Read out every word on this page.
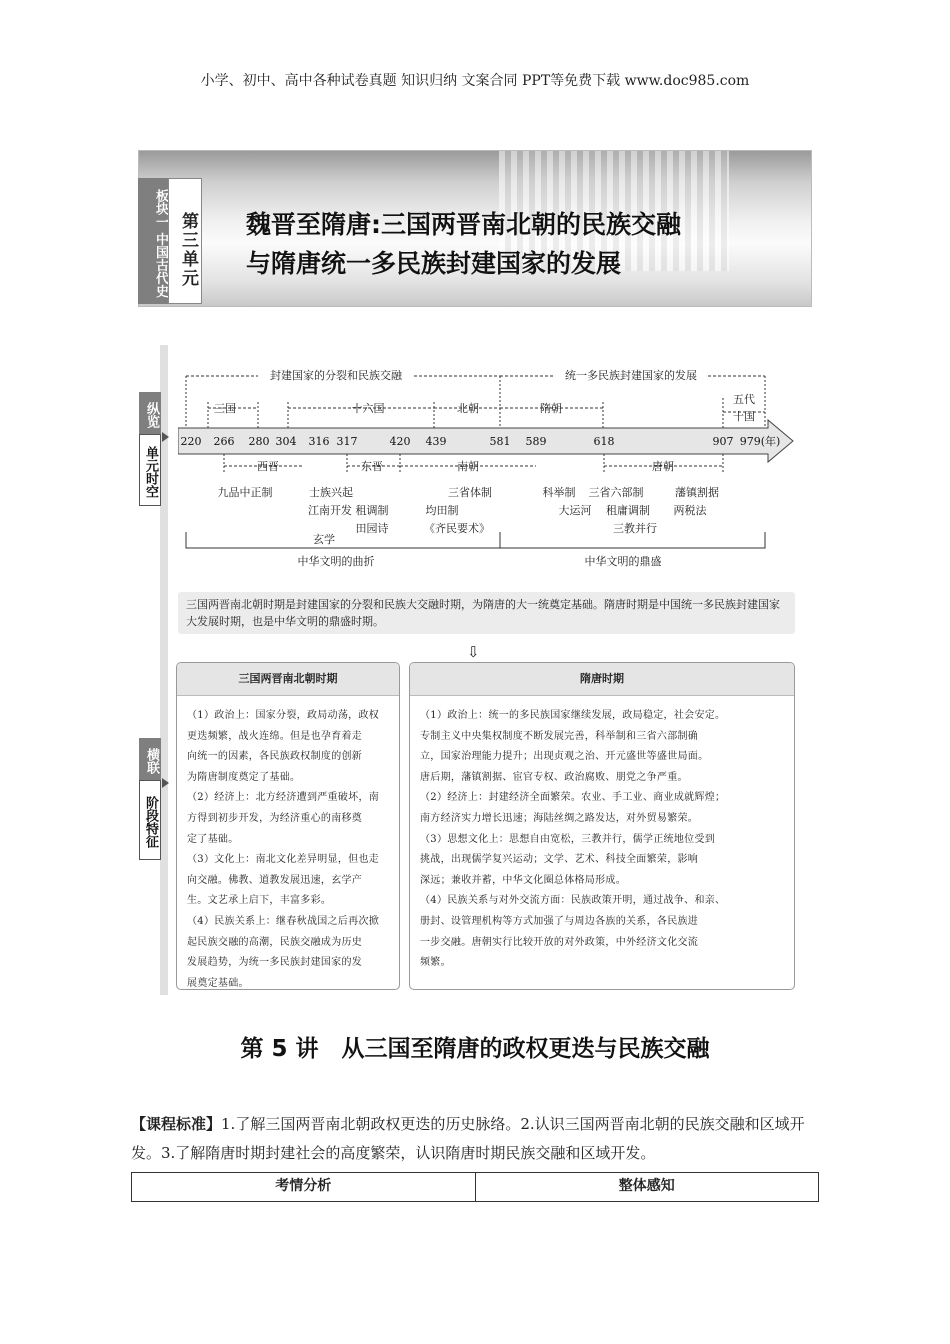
小学、初中、高中各种试卷真题 知识归纳 文案合同 PPT等免费下载 www.doc985.com
板块一 中国古代史 第三单元 魏晋至隋唐:三国两晋南北朝的民族交融
与隋唐统一多民族封建国家的发展
纵览
单元时空
横联
阶段特征
封建国家的分裂和民族交融	统一多民族封建国家的发展
三国	十六国	北朝	隋朝
五代
十国
220 266 280 304 316 317	420 439	581 589	618	907 979(年)
西晋	东晋	南朝	唐朝
九品中正制	士族兴起
江南开发 租调制
田园诗
玄学
三省体制
均田制
《齐民要术》
科举制 三省六部制
大运河 租庸调制
三教并行
藩镇割据
两税法
中华文明的曲折	中华文明的鼎盛
三国两晋南北朝时期是封建国家的分裂和民族大交融时期，为隋唐的大一统奠定基础。隋唐时期是中国统一多民族封建国家大发展时期，也是中华文明的鼎盛时期。
⇩
三国两晋南北朝时期
（1）政治上：国家分裂，政局动荡，政权
更迭频繁，战火连绵。但是也孕育着走
向统一的因素，各民族政权制度的创新
为隋唐制度奠定了基础。
（2）经济上：北方经济遭到严重破坏，南
方得到初步开发，为经济重心的南移奠
定了基础。
（3）文化上：南北文化差异明显，但也走
向交融。佛教、道教发展迅速，玄学产
生。文艺承上启下，丰富多彩。
（4）民族关系上：继春秋战国之后再次掀
起民族交融的高潮，民族交融成为历史
发展趋势，为统一多民族封建国家的发
展奠定基础。
隋唐时期
（1）政治上：统一的多民族国家继续发展，政局稳定，社会安定。
专制主义中央集权制度不断发展完善，科举制和三省六部制确
立，国家治理能力提升；出现贞观之治、开元盛世等盛世局面。
唐后期，藩镇割据、宦官专权、政治腐败、朋党之争严重。
（2）经济上：封建经济全面繁荣。农业、手工业、商业成就辉煌；
南方经济实力增长迅速；海陆丝绸之路发达，对外贸易繁荣。
（3）思想文化上：思想自由宽松，三教并行，儒学正统地位受到
挑战，出现儒学复兴运动；文学、艺术、科技全面繁荣，影响
深远；兼收并蓄，中华文化圈总体格局形成。
（4）民族关系与对外交流方面：民族政策开明，通过战争、和亲、
册封、设管理机构等方式加强了与周边各族的关系，各民族进
一步交融。唐朝实行比较开放的对外政策，中外经济文化交流
频繁。
第 5 讲　从三国至隋唐的政权更迭与民族交融
【课程标准】1.了解三国两晋南北朝政权更迭的历史脉络。2.认识三国两晋南北朝的民族交融和区域开发。3.了解隋唐时期封建社会的高度繁荣，认识隋唐时期民族交融和区域开发。
考情分析	整体感知
